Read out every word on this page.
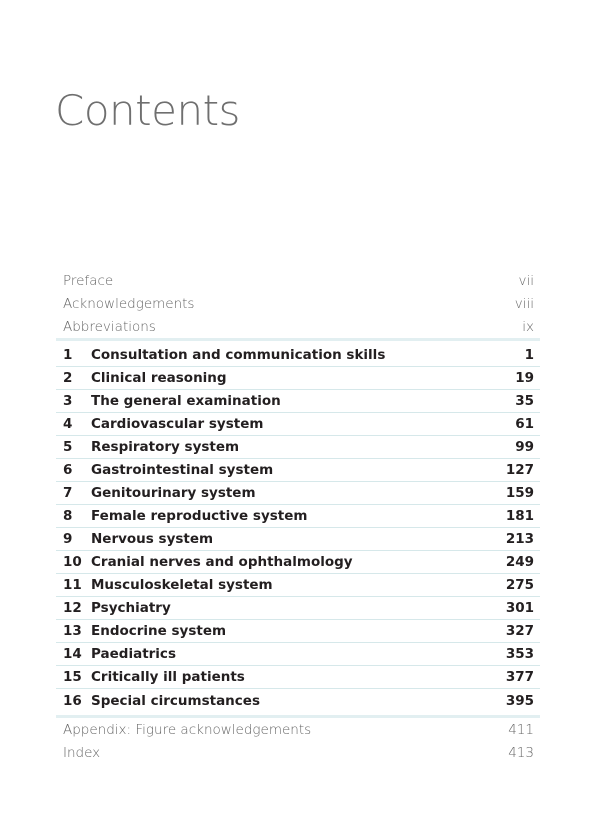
Contents
Preface	vii
Acknowledgements	viii
Abbreviations	ix
1	Consultation and communication skills	1
2	Clinical reasoning	19
3	The general examination	35
4	Cardiovascular system	61
5	Respiratory system	99
6	Gastrointestinal system	127
7	Genitourinary system	159
8	Female reproductive system	181
9	Nervous system	213
10 Cranial nerves and ophthalmology	249
11 Musculoskeletal system	275
12 Psychiatry	301
13 Endocrine system	327
14 Paediatrics	353
15 Critically ill patients	377
16 Special circumstances	395
Appendix: Figure acknowledgements	411
Index	413
